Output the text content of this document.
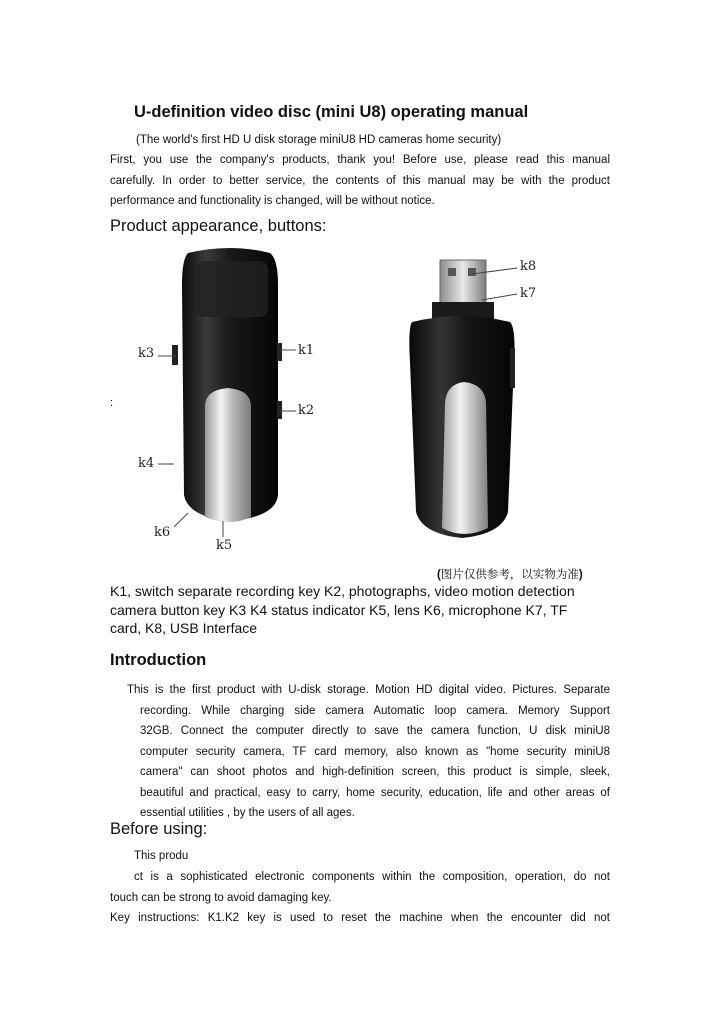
U-definition video disc (mini U8) operating manual
(The world's first HD U disk storage miniU8 HD cameras home security)
First, you use the company's products, thank you! Before use, please read this manual
carefully. In order to better service, the contents of this manual may be with the product
performance and functionality is changed, will be without notice.
Product appearance, buttons:
:
k3	k1
k2
k4
k6
k5
k8
k7
(图片仅供参考，以实物为准)
K1, switch separate recording key K2, photographs, video motion detection
camera button key K3 K4 status indicator K5, lens K6, microphone K7, TF
card, K8, USB Interface
Introduction
This is the first product with U-disk storage. Motion HD digital video. Pictures. Separate
recording. While charging side camera Automatic loop camera. Memory Support
32GB. Connect the computer directly to save the camera function, U disk miniU8
computer security camera, TF card memory, also known as "home security miniU8
camera" can shoot photos and high-definition screen, this product is simple, sleek,
beautiful and practical, easy to carry, home security, education, life and other areas of
essential utilities , by the users of all ages.
Before using:
This produ
ct is a sophisticated electronic components within the composition, operation, do not
touch can be strong to avoid damaging key.
Key instructions: K1.K2 key is used to reset the machine when the encounter did not
